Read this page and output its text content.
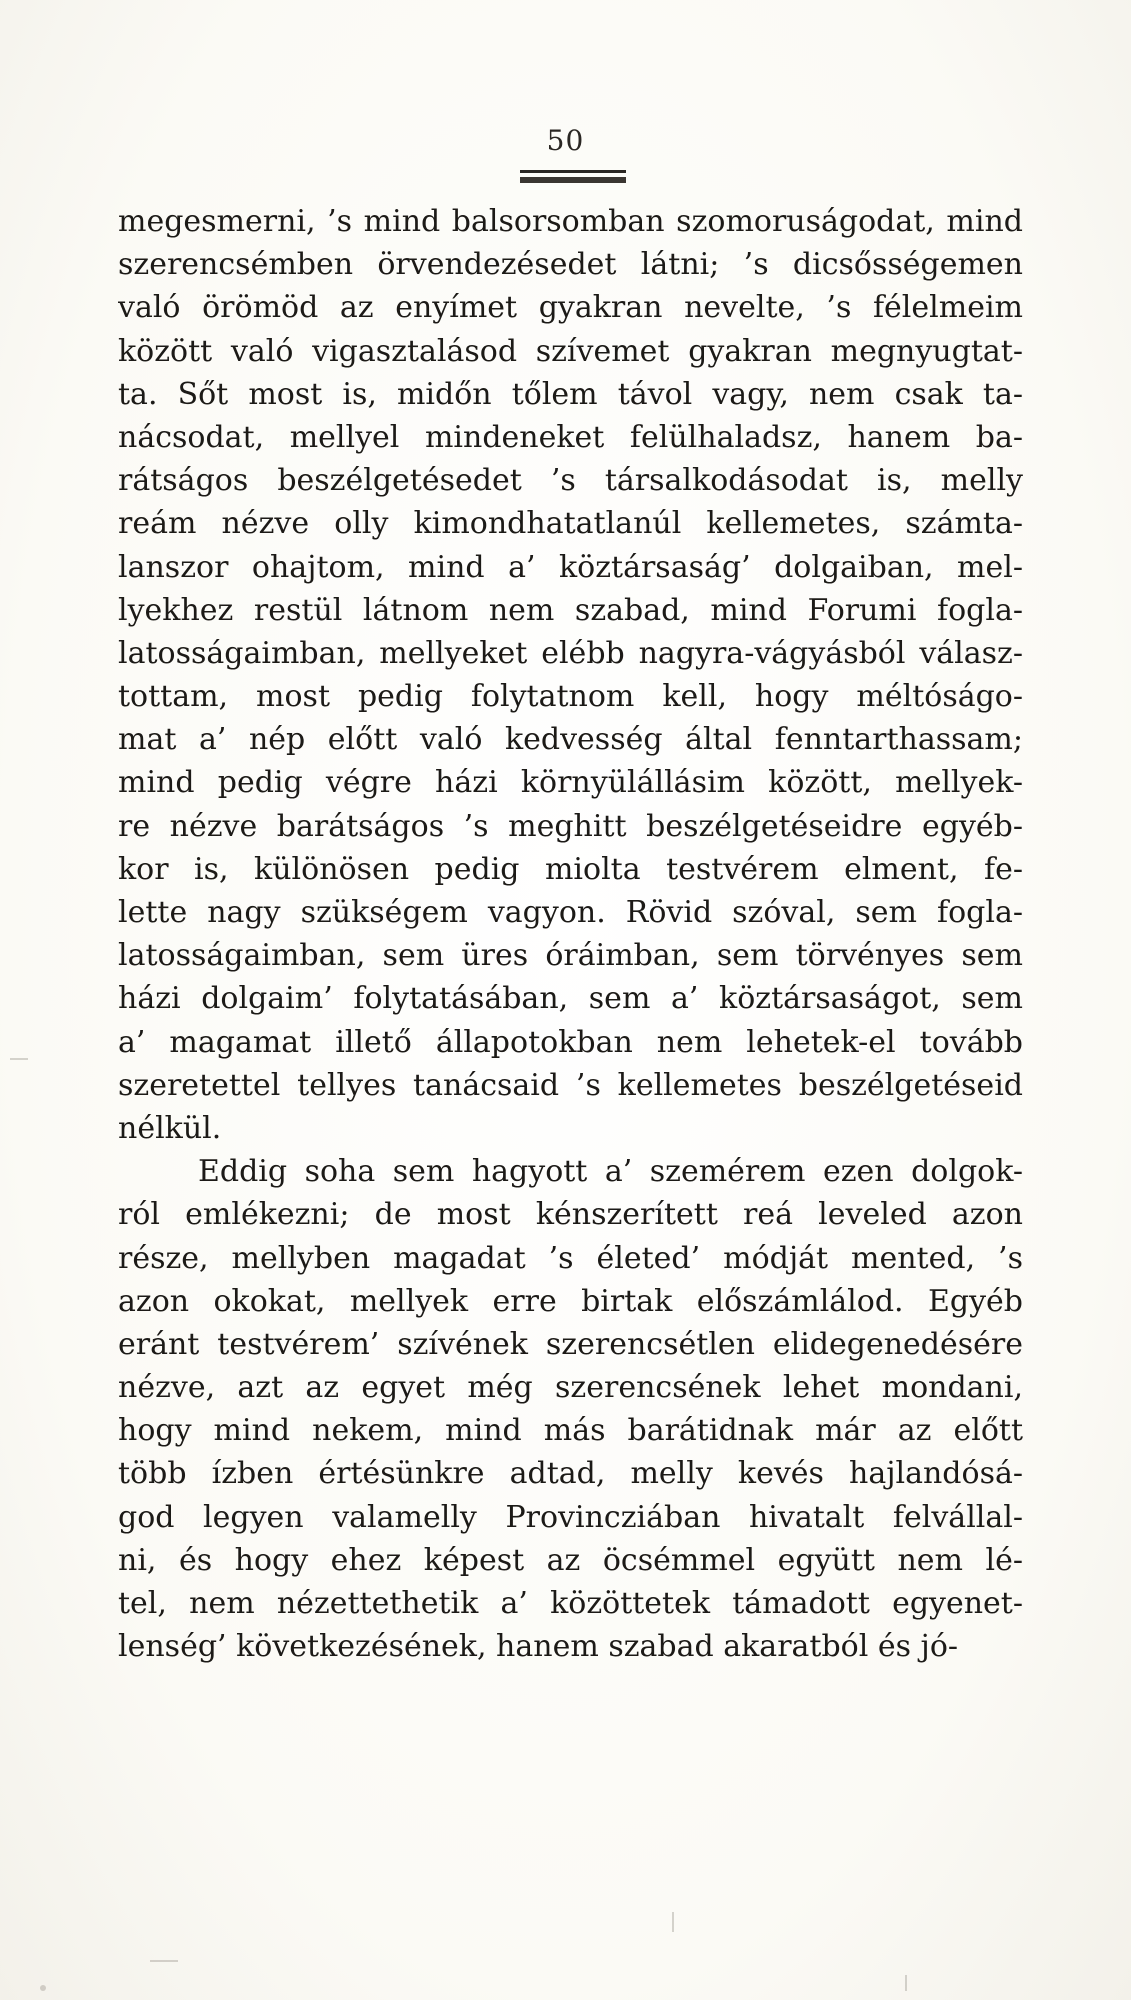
50
megesmerni, ’s mind balsorsomban szomoruságodat, mind
szerencsémben örvendezésedet látni; ’s dicsősségemen
való örömöd az enyímet gyakran nevelte, ’s félelmeim
között való vigasztalásod szívemet gyakran megnyugtat-
ta. Sőt most is, midőn tőlem távol vagy, nem csak ta-
nácsodat, mellyel mindeneket felülhaladsz, hanem ba-
rátságos beszélgetésedet ’s társalkodásodat is, melly
reám nézve olly kimondhatatlanúl kellemetes, számta-
lanszor ohajtom, mind a’ köztársaság’ dolgaiban, mel-
lyekhez restül látnom nem szabad, mind Forumi fogla-
latosságaimban, mellyeket elébb nagyra-vágyásból válasz-
tottam, most pedig folytatnom kell, hogy méltóságo-
mat a’ nép előtt való kedvesség által fenntarthassam;
mind pedig végre házi környülállásim között, mellyek-
re nézve barátságos ’s meghitt beszélgetéseidre egyéb-
kor is, különösen pedig miolta testvérem elment, fe-
lette nagy szükségem vagyon. Rövid szóval, sem fogla-
latosságaimban, sem üres óráimban, sem törvényes sem
házi dolgaim’ folytatásában, sem a’ köztársaságot, sem
a’ magamat illető állapotokban nem lehetek-el tovább
szeretettel tellyes tanácsaid ’s kellemetes beszélgetéseid
nélkül.
Eddig soha sem hagyott a’ szemérem ezen dolgok-
ról emlékezni; de most kénszerített reá leveled azon
része, mellyben magadat ’s életed’ módját mented, ’s
azon okokat, mellyek erre birtak előszámlálod. Egyéb
eránt testvérem’ szívének szerencsétlen elidegenedésére
nézve, azt az egyet még szerencsének lehet mondani,
hogy mind nekem, mind más barátidnak már az előtt
több ízben értésünkre adtad, melly kevés hajlandósá-
god legyen valamelly Provincziában hivatalt felvállal-
ni, és hogy ehez képest az öcsémmel együtt nem lé-
tel, nem nézettethetik a’ közöttetek támadott egyenet-
lenség’ következésének, hanem szabad akaratból és jó-
